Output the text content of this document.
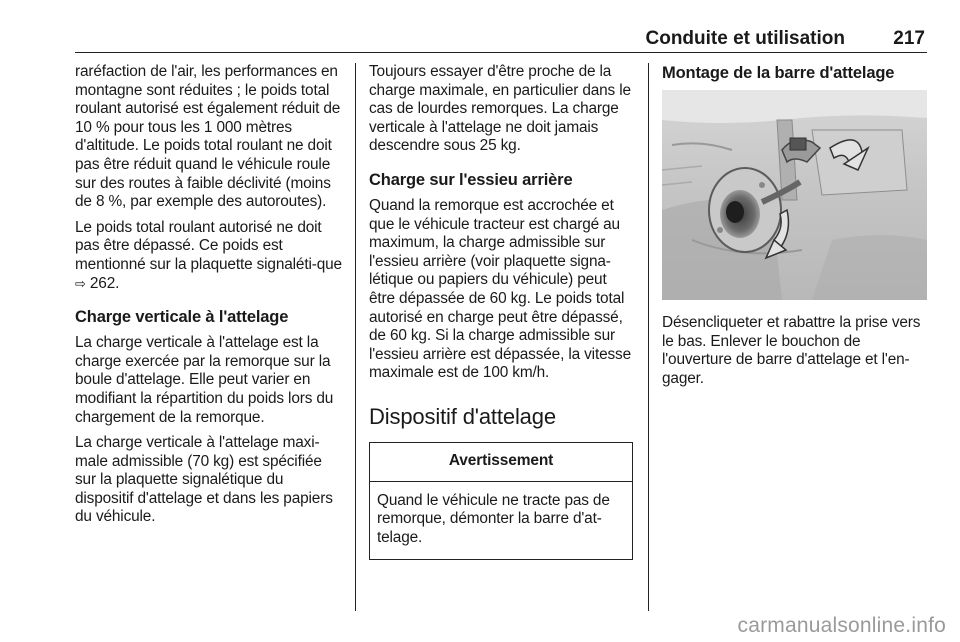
Conduite et utilisation	217

raréfaction de l'air, les performances en montagne sont réduites ; le poids total roulant autorisé est également réduit de 10 % pour tous les 1 000 mètres d'altitude. Le poids total roulant ne doit pas être réduit quand le véhicule roule sur des routes à faible déclivité (moins de 8 %, par exemple des autoroutes).

Le poids total roulant autorisé ne doit pas être dépassé. Ce poids est mentionné sur la plaquette signaléti-que ⇨ 262.

Charge verticale à l'attelage

La charge verticale à l'attelage est la charge exercée par la remorque sur la boule d'attelage. Elle peut varier en modifiant la répartition du poids lors du chargement de la remorque.

La charge verticale à l'attelage maxi-male admissible (70 kg) est spécifiée sur la plaquette signalétique du dispositif d'attelage et dans les papiers du véhicule.

Toujours essayer d'être proche de la charge maximale, en particulier dans le cas de lourdes remorques. La charge verticale à l'attelage ne doit jamais descendre sous 25 kg.

Charge sur l'essieu arrière

Quand la remorque est accrochée et que le véhicule tracteur est chargé au maximum, la charge admissible sur l'essieu arrière (voir plaquette signa-létique ou papiers du véhicule) peut être dépassée de 60 kg. Le poids total autorisé en charge peut être dépassé, de 60 kg. Si la charge admissible sur l'essieu arrière est dépassée, la vitesse maximale est de 100 km/h.

Dispositif d'attelage
Avertissement
Quand le véhicule ne tracte pas de remorque, démonter la barre d'at-telage.
Montage de la barre d'attelage

Désencliqueter et rabattre la prise vers le bas. Enlever le bouchon de l'ouverture de barre d'attelage et l'en-gager.

carmanualsonline.info
